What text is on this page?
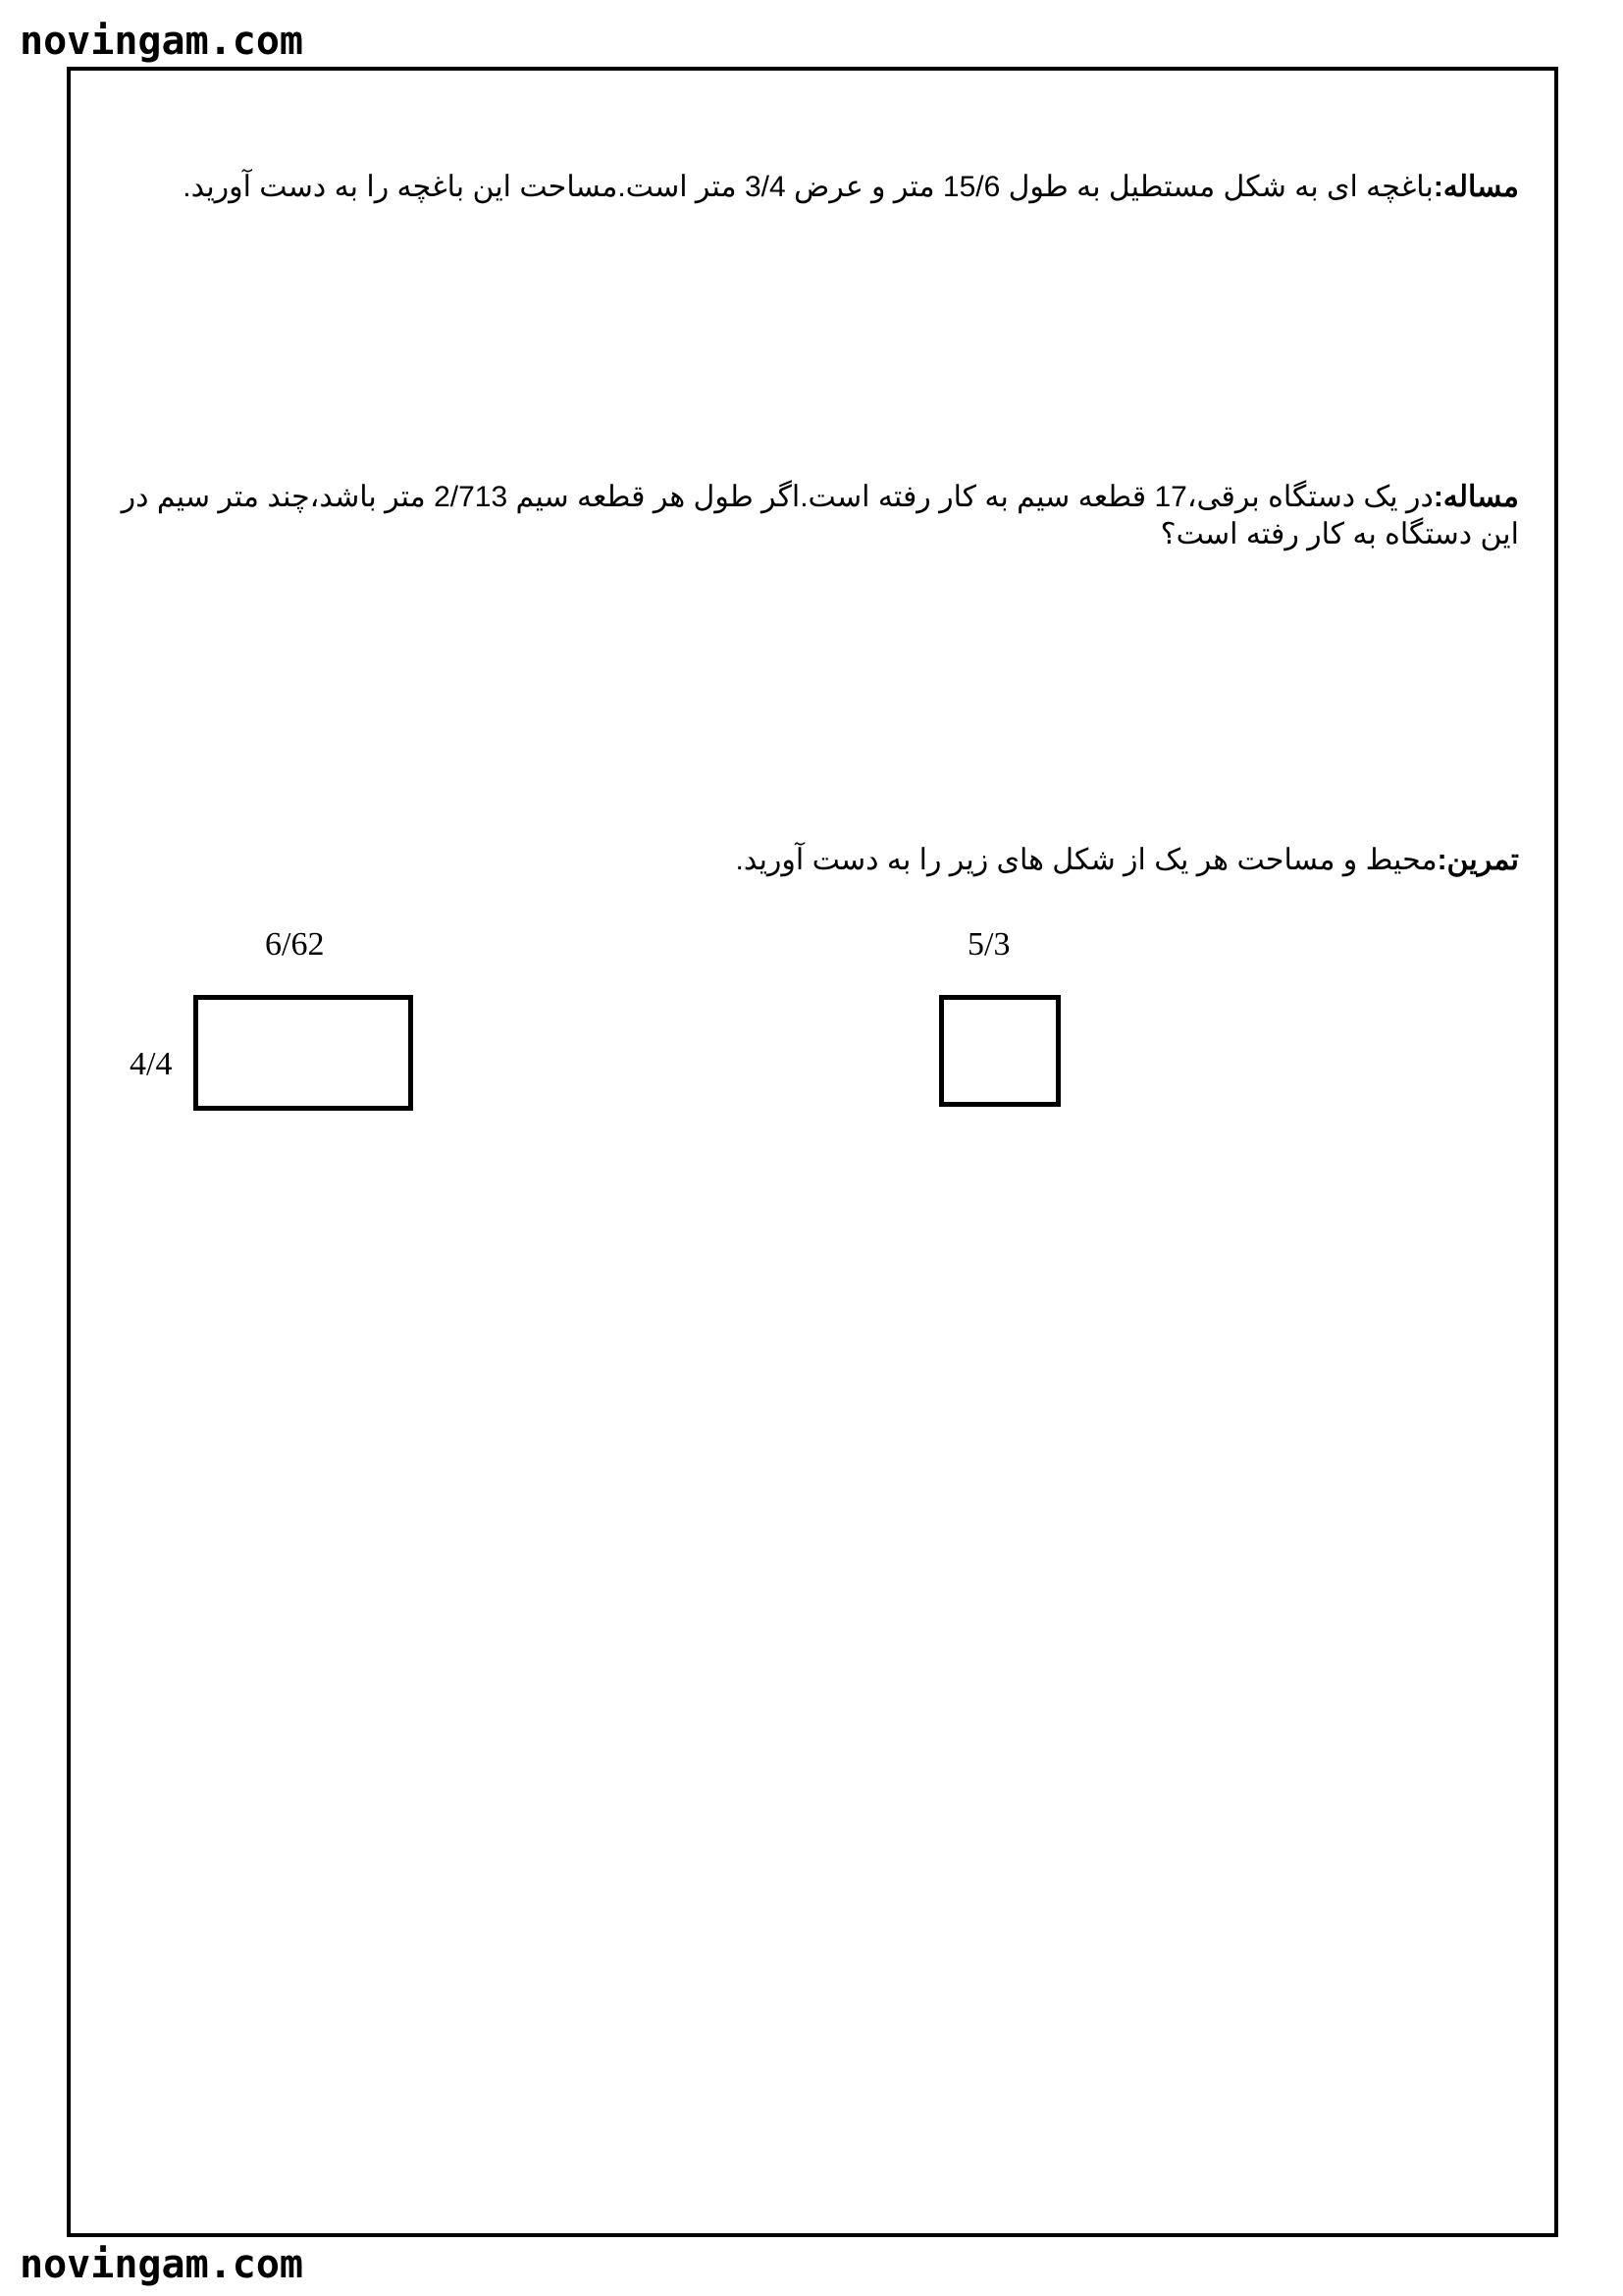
novingam.com
مساله:باغچه ای به شکل مستطیل به طول 15/6 متر و عرض 3/4 متر است.مساحت این باغچه را به دست آورید.
مساله:در یک دستگاه برقی،17 قطعه سیم به کار رفته است.اگر طول هر قطعه سیم 2/713 متر باشد،چند متر سیم در این دستگاه به کار رفته است؟
تمرین:محیط و مساحت هر یک از شکل های زیر را به دست آورید.
6/62
4/4
5/3
novingam.com
